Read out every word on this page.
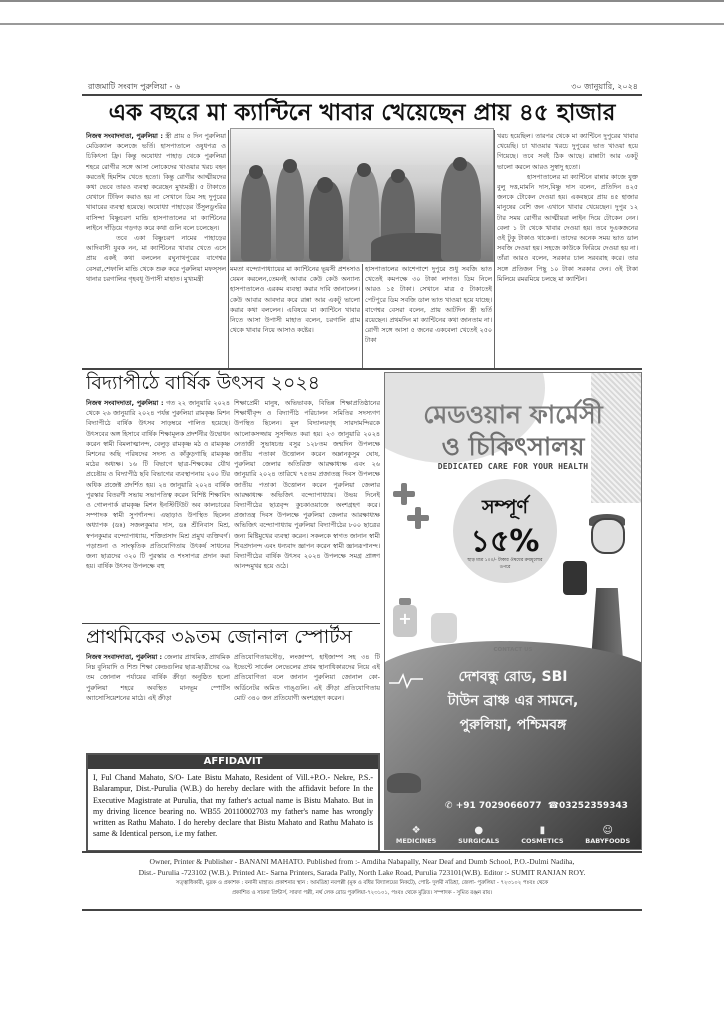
রাজমাটি সংবাদ পুরুলিয়া - ৬	৩০ জানুয়ারি, ২০২৪
এক বছরে মা ক্যান্টিনে খাবার খেয়েছেন প্রায় ৪৫ হাজার
নিজস্ব সংবাদদাতা, পুরুলিয়া : স্ত্রী প্রায় ৫ দিন পুরুলিয়া মেডিক্যাল কলেজে ভর্তি। হাসপাতালে ওষুধপত্র ও চিকিৎসা ফ্রি। কিন্তু অযোধ্যা পাহাড় থেকে পুরুলিয়া শহরে রোগীর সঙ্গে আসা লোকেদের খাওয়ার খরচ বহন করতেই হিমশিম খেতে হতো। কিন্তু রোগীর আত্মীয়দের কথা ভেবে তারও ব্যবস্থা করেছেন মুখ্যমন্ত্রী। ৫ টাকাতে যেখানে টিফিন করাও হয় না সেখানে ডিম সহ দুপুরের খাবারের ব্যবস্থা হয়েছে। অযোধ্যা পাহাড়ের উঁসুলডুংরির বাসিন্দা বিষ্ণুচরণ মান্ডি হাসপাতালের মা ক্যান্টিনের লাইনে দাঁড়িয়ে গড়গড় করে কথা গুলি বলে চলেছেন।
তবে একা বিষ্ণুচরণ নামের পাহাড়ের আদিবাসী যুবক নন, মা ক্যান্টিনের খাবার খেতে এসে প্রায় একই কথা বললেন রঘুনাথপুরের বাগেশ্বর বেসরা,শেফালি মান্ডি থেকে শুরু করে পুরুলিয়া মফস্সল থানার চরগালির গৃহবধূ উপাসী মাহাত। মুখ্যমন্ত্রী
মমতা বন্দ্যোপাধ্যায়ের মা ক্যান্টিনের ভূয়সী প্রশংসাও যেমন করলেন,তেমনই আবার কেউ কেউ অন্যান্য হাসপাতালেও এরকম ব্যবস্থা করার দাবি জানালেন। কেউ আবার আবদার করে রান্না আর একটু ভালো করার কথা বললেন। এবিষয়ে মা ক্যান্টিনে খাবার নিতে আসা উপাসী মাহাত বলেন, চরগালি গ্রাম থেকে খাবার নিয়ে আসাও কষ্টের।
হাসপাতালের আশেপাশে দুপুরে শুধু সবজি ভাত খেতেই কমপক্ষে ৩০ টাকা লাগত। ডিম নিলে আরও ১৫ টাকা। সেখানে মাত্র ৫ টাকাতেই পেটপুরে ডিম সবজি ডাল ভাত খাওয়া হয়ে যাচ্ছে। বাগেশ্বর বেসরা বলেন, প্রায় আটদিন স্ত্রী ভর্তি রয়েছেন। প্রথমদিন মা ক্যান্টিনের কথা জানতাম না। রোগী সঙ্গে আসা ৫ জনের একবেলা খেতেই ২৫০ টাকা
খরচ হয়েছিল। তারপর থেকে মা ক্যান্টিনে দুপুরের খাবার খেয়েছি। চা খাওয়ার খরচে দুপুরের ভাত খাওয়া হয়ে গিয়েছে। তবে সবই ঠিক আছে। রান্নাটা আর একটু ভালো করলে আরও সুস্বাদু হতো।
হাসপাতালের মা ক্যান্টিনে রান্নার কাজে যুক্ত বুলু দত্ত,মামনি দাস,বিষ্ণু দাস বলেন, প্রতিদিন ৪২৫ জনকে টোকেন দেওয়া হয়। একবছরে প্রায় ৪৫ হাজার মানুষের বেশি জন এখানে খাবার খেয়েছেন। দুপুর ১২ টার সময় রোগীর আত্মীয়রা লাইন দিয়ে টোকেন নেন। বেলা ১ টা থেকে খাবার দেওয়া হয়। তবে দুএকজনের ওই টুকু টাকাও থাকেনা। তাদের অনেক সময় ভাত ডাল সবজি দেওয়া হয়। সহজে কাউকে ফিরিয়ে দেওয়া হয় না। তাঁরা আরও বলেন, সরকার চাল সরবরাহ করে। তার সঙ্গে প্রতিজন পিছু ১০ টাকা সরকার দেন। ওই টাকা মিলিয়ে রমরমিয়ে চলছে মা ক্যান্টিন।
বিদ্যাপীঠে বার্ষিক উৎসব ২০২৪
নিজস্ব সংবাদদাতা, পুরুলিয়া : গত ২২ জানুয়ারি ২০২৪ থেকে ২৬ জানুয়ারি ২০২৪ পর্যন্ত পুরুলিয়া রামকৃষ্ণ মিশন বিদ্যাপীঠে বার্ষিক উৎসব সাড়ম্বরে পালিত হয়েছে। উৎসবের অঙ্গ হিসাবে বার্ষিক শিক্ষামূলক প্রদর্শনীর উদ্বোধন করেন স্বামী বিমলাত্মানন্দ, বেলুড় রামকৃষ্ণ মঠ ও রামকৃষ্ণ মিশনের অছি পরিষদের সদস্য ও কাঁকুড়গাছি রামকৃষ্ণ মঠের অধ্যক্ষ। ১৬ টি বিভাগে ছাত্র-শিক্ষকের যৌথ প্রচেষ্টায় ও বিদ্যাপীঠ ছবি বিভাগের ব্যবস্থাপনায় ২০০ টির অধিক প্রজেক্ট প্রদর্শিত হয়। ২৪ জানুয়ারি ২০২৪ বার্ষিক পুরস্কার বিতরণী সভায় সভাপতিত্ব করেন বিশিষ্ট শিক্ষাবিদ ও গোলপার্ক রামকৃষ্ণ মিশন ইনস্টিটিউট অব কালচারের সম্পাদক স্বামী সুপর্ণানন্দ। এছাড়াও উপস্থিত ছিলেন অধ্যাপক (ডঃ) সজলকুমার দাস, ডঃ শ্রীনিবাস মিশ্র, স্বপনকুমার বন্দ্যোপাধ্যায়, শক্তিপ্রসাদ মিশ্র প্রমুখ ব্যক্তিবর্গ। পড়াশুনা ও সাংস্কৃতিক প্রতিযোগিতায় উৎকর্ষ সাধনের জন্য ছাত্রদের ৩২০ টি পুরস্কার ও শংসাপত্র প্রদান করা হয়। বার্ষিক উৎসব উপলক্ষে বহু
শিক্ষাপ্রেমী মানুষ, অভিভাবক, বিভিন্ন শিক্ষাপ্রতিষ্ঠানের শিক্ষার্থীবৃন্দ ও বিদ্যাপীঠ পরিচালন সমিতির সদস্যগণ উপস্থিত ছিলেন। মূল বিদ্যালয়গৃহ সারদামন্দিরকে আলোকসজ্জায় সুসজ্জিত করা হয়। ২৩ জানুয়ারি ২০২৪ নেতাজী সুভাষচন্দ্র বসুর ১২৮তম জন্মদিন উপলক্ষে জাতীয় পতাকা উত্তোলন করেন অম্লানকুসুম ঘোষ, পুরুলিয়া জেলার অতিরিক্ত আরক্ষাধ্যক্ষ এবং ২৬ জানুয়ারি ২০২৪ তারিখে ৭৫তম প্রজাতন্ত্র দিবস উপলক্ষে জাতীয় পতাকা উত্তোলন করেন পুরুলিয়া জেলার আরক্ষাধ্যক্ষ অভিজিৎ বন্দ্যোপাধ্যায়। উভয় দিনেই বিদ্যাপীঠের ছাত্রবৃন্দ কুচকাওয়াজে অংশগ্রহণ করে। প্রজাতন্ত্র দিবস উপলক্ষে পুরুলিয়া জেলার আরক্ষাধ্যক্ষ অভিজিৎ বন্দ্যোপাধ্যায় পুরুলিয়া বিদ্যাপীঠের ৮০০ ছাত্রের জন্য মিষ্টিমুখের ব্যবস্থা করেন। সকলকে স্বাগত জানান স্বামী শিবপ্রদানন্দ এবং ধন্যবাদ জ্ঞাপন করেন স্বামী জ্ঞানরূপানন্দ। বিদ্যাপীঠের বার্ষিক উৎসব ২০২৪ উপলক্ষে সমগ্র প্রাঙ্গণ আনন্দমুখর হয়ে ওঠে।
প্রাথমিকের ৩৯তম জোনাল স্পোর্টস
নিজস্ব সংবাদদাতা, পুরুলিয়া : জেলার প্রাথমিক, প্রাথমিক নিম্ন বুনিয়াদি ও শিশু শিক্ষা কেন্দ্রগুলির ছাত্র-ছাত্রীদের ৩৯ তম জোনাল পর্যায়ের বার্ষিক ক্রীড়া অনুষ্ঠিত হলো পুরুলিয়া শহরে অবস্থিত মানভূম স্পোর্টস অ্যাসোসিয়েশনের মাঠে। এই ক্রীড়া
প্রতিযোগিতায়দৌড়, লংজাম্প, হাইজাম্প সহ ৩৪ টি ইভেন্টে সার্কেল লেভেলের প্রথম স্থানাধিকারদের নিয়ে এই প্রতিযোগিতা বলে জানান পুরুলিয়া জোনাল কো-অর্ডিনেটর অমিত গাঙ্গুলি। এই ক্রীড়া প্রতিযোগিতায় মোট ৩৪০ জন প্রতিযোগী অংশগ্রহণ করেন।
AFFIDAVIT
I, Ful Chand Mahato, S/O- Late Bistu Mahato, Resident of Vill.+P.O.- Nekre, P.S.-Balarampur, Dist.-Purulia (W.B.) do hereby declare with the affidavit before In the Executive Magistrate at Purulia, that my father's actual name is Bistu Mahato. But in my driving licence bearing no. WB55 20110002703 my father's name has wrongly written as Rathu Mahato. I do hereby declare that Bistu Mahato and Rathu Mahato is same & Identical person, i.e my father.
মেডওয়ান ফার্মেসী
ও চিকিৎসালয়
DEDICATED CARE FOR YOUR HEALTH
সম্পূর্ণ
১৫%
ছাড় মাত্র ১০০/- টাকার ঔষধের ক্রয়মূল্যের ওপরে
+
CONTACT US
দেশবন্ধু রোড, SBI
টাউন ব্রাঞ্চ এর সামনে,
পুরুলিয়া, পশ্চিমবঙ্গ
✆ +91 7029066077 ☎03252359343
❖
MEDICINES
●
SURGICALS
▮
COSMETICS
☺
BABYFOODS
Owner, Printer & Publisher - BANANI MAHATO. Published from :- Amdiha Nabapally, Near Deaf and Dumb School, P.O.-Dulmi Nadiha,
Dist.- Purulia -723102 (W.B.). Printed At:- Sarna Printers, Sarada Pally, North Lake Road, Purulia 723101(W.B). Editor :- SUMIT RANJAN ROY.
সত্ত্বাধিকারী, মুদ্রক ও প্রকাশক : বনানী মাহাত। প্রকাশনার স্থান : আমডিহা নবপল্লী (মূক ও বধির বিদ্যালয়ের নিকটে), পোষ্ট- দুলমী নডিহা, জেলা- পুরুলিয়া - ৭২৩১০২ পঃবঃ থেকে
প্রকাশিত ও সারনা প্রিন্টার্স, সারদা পল্লী, নর্থ লেক রোড পুরুলিয়া-৭২৩১০১, পঃবঃ থেকে মুদ্রিত। সম্পাদক - সুমিত রঞ্জন রায়।
